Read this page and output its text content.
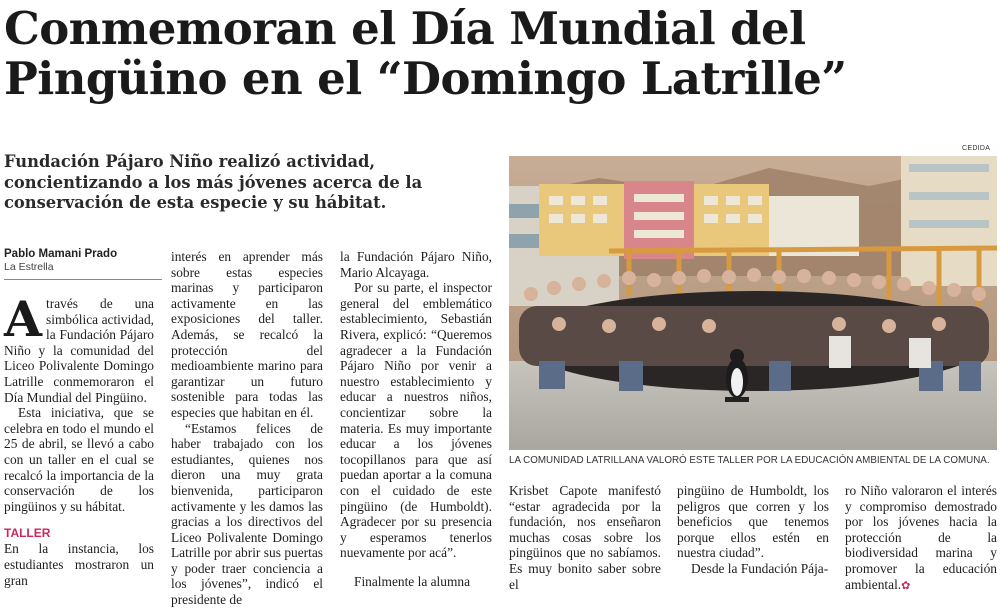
Conmemoran el Día Mundial del
Pingüino en el “Domingo Latrille”

Fundación Pájaro Niño realizó actividad, concientizando a los más jóvenes acerca de la conservación de esta especie y su hábitat.

Pablo Mamani Prado
La Estrella

Através de una simbólica actividad, la Fundación Pájaro Niño y la comunidad del Liceo Polivalente Domingo Latrille conmemoraron el Día Mundial del Pingüino.

Esta iniciativa, que se celebra en todo el mundo el 25 de abril, se llevó a cabo con un taller en el cual se recalcó la importancia de la conservación de los pingüinos y su hábitat.

TALLER

En la instancia, los estudiantes mostraron un gran

interés en aprender más sobre estas especies marinas y participaron activamente en las exposiciones del taller. Además, se recalcó la protección del medioambiente marino para garantizar un futuro sostenible para todas las especies que habitan en él.

“Estamos felices de haber trabajado con los estudiantes, quienes nos dieron una muy grata bienvenida, participaron activamente y les damos las gracias a los directivos del Liceo Polivalente Domingo Latrille por abrir sus puertas y poder traer conciencia a los jóvenes”, indicó el presidente de

la Fundación Pájaro Niño, Mario Alcayaga.

Por su parte, el inspector general del emblemático establecimiento, Sebastián Rivera, explicó: “Queremos agradecer a la Fundación Pájaro Niño por venir a nuestro establecimiento y educar a nuestros niños, concientizar sobre la materia. Es muy importante educar a los jóvenes tocopillanos para que así puedan aportar a la comuna con el cuidado de este pingüino (de Humboldt). Agradecer por su presencia y esperamos tenerlos nuevamente por acá”.

Finalmente la alumna

CEDIDA
LA COMUNIDAD LATRILLANA VALORÓ ESTE TALLER POR LA EDUCACIÓN AMBIENTAL DE LA COMUNA.

Krisbet Capote manifestó “estar agradecida por la fundación, nos enseñaron muchas cosas sobre los pingüinos que no sabíamos. Es muy bonito saber sobre el

pingüino de Humboldt, los peligros que corren y los beneficios que tenemos porque ellos estén en nuestra ciudad”.

Desde la Fundación Pája-

ro Niño valoraron el interés y compromiso demostrado por los jóvenes hacia la protección de la biodiversidad marina y promover la educación ambiental.✿
